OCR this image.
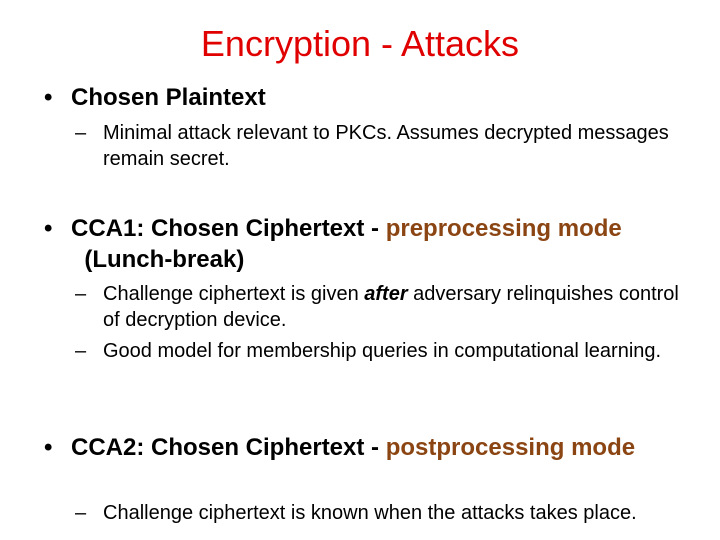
Encryption - Attacks
• Chosen Plaintext
– Minimal attack relevant to PKCs. Assumes decrypted messages remain secret.
• CCA1: Chosen Ciphertext - preprocessing mode  (Lunch-break)
– Challenge ciphertext is given after adversary relinquishes control of decryption device.
– Good model for membership queries in computational learning.
• CCA2: Chosen Ciphertext - postprocessing mode
– Challenge ciphertext is known when the attacks takes place.
